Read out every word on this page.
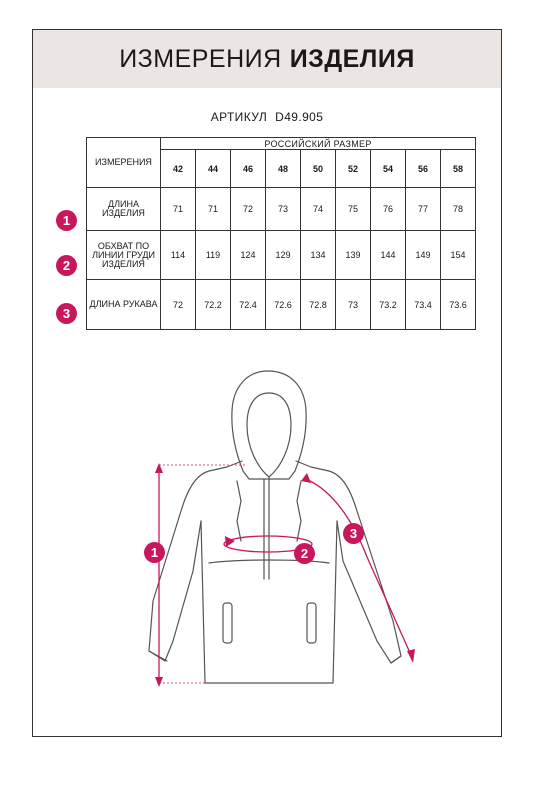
ИЗМЕРЕНИЯ ИЗДЕЛИЯ
АРТИКУЛ D49.905
ИЗМЕРЕНИЯ	РОССИЙСКИЙ РАЗМЕР								
	42	44	46	48	50	52	54	56	58
ДЛИНА ИЗДЕЛИЯ	71	71	72	73	74	75	76	77	78
ОБХВАТ ПО ЛИНИИ ГРУДИ ИЗДЕЛИЯ	114	119	124	129	134	139	144	149	154
ДЛИНА РУКАВА	72	72.2	72.4	72.6	72.8	73	73.2	73.4	73.6
1
2
3
1	2
3
